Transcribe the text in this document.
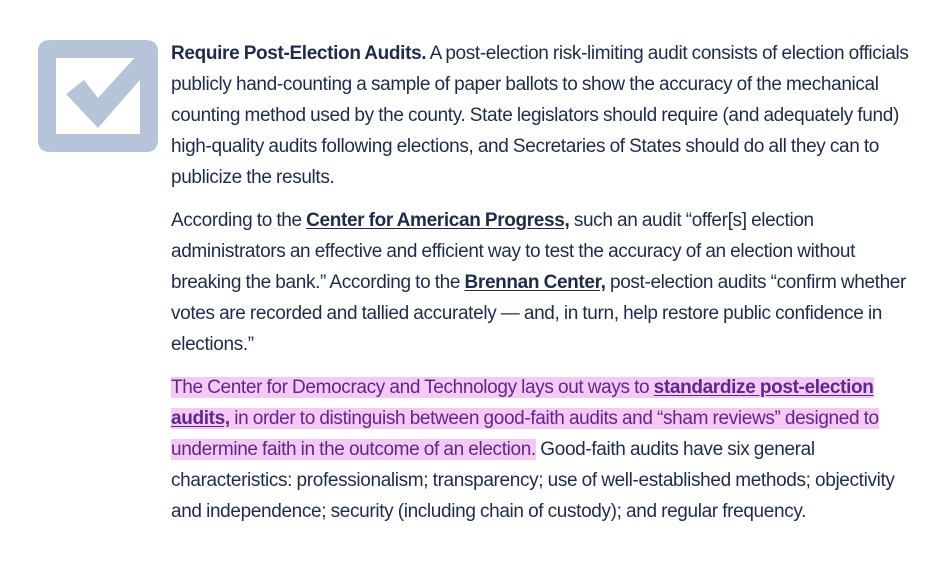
Require Post-Election Audits. A post-election risk-limiting audit consists of election officials publicly hand-counting a sample of paper ballots to show the accuracy of the mechanical counting method used by the county. State legislators should require (and adequately fund) high-quality audits following elections, and Secretaries of States should do all they can to publicize the results.

According to the Center for American Progress, such an audit “offer[s] election administrators an effective and efficient way to test the accuracy of an election without breaking the bank.” According to the Brennan Center, post-election audits “confirm whether votes are recorded and tallied accurately — and, in turn, help restore public confidence in elections.”

The Center for Democracy and Technology lays out ways to standardize post-election audits, in order to distinguish between good-faith audits and “sham reviews” designed to undermine faith in the outcome of an election. Good-faith audits have six general characteristics: professionalism; transparency; use of well-established methods; objectivity and independence; security (including chain of custody); and regular frequency.
